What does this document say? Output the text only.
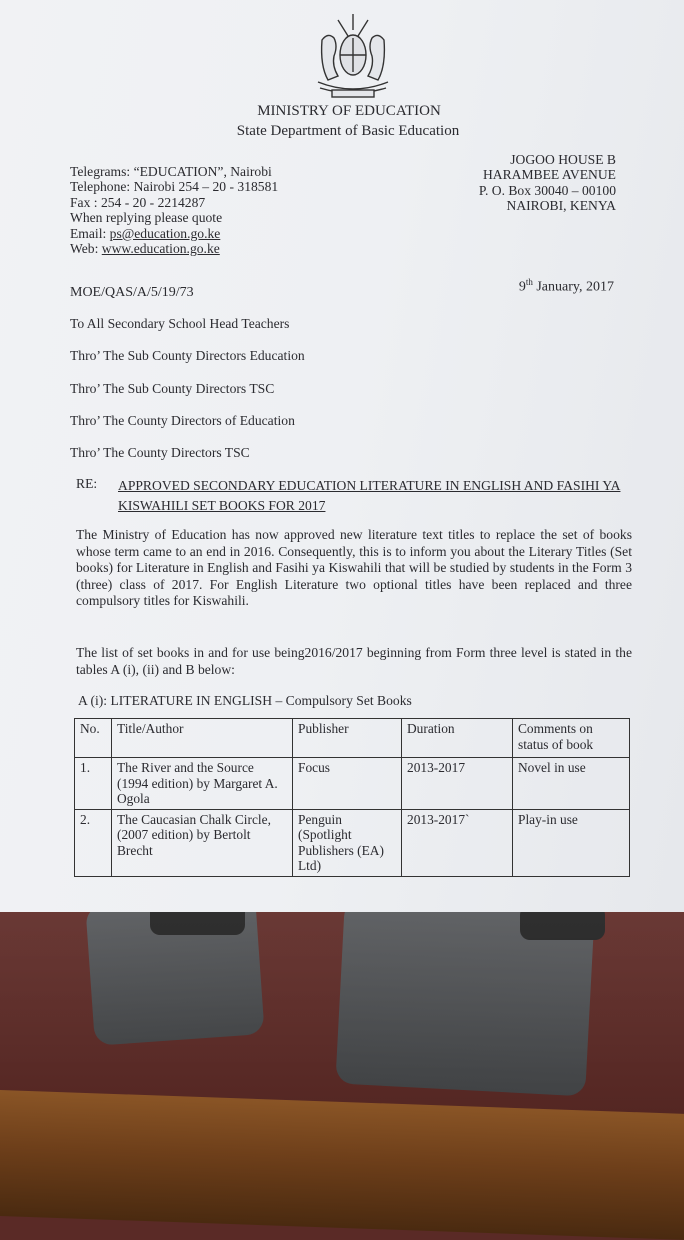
MINISTRY OF EDUCATION
State Department of Basic Education
Telegrams: “EDUCATION”, Nairobi
Telephone: Nairobi 254 – 20 - 318581
Fax : 254 - 20 - 2214287
When replying please quote
Email: ps@education.go.ke
Web: www.education.go.ke
JOGOO HOUSE B
HARAMBEE AVENUE
P. O. Box 30040 – 00100
NAIROBI, KENYA
MOE/QAS/A/5/19/73	9th January, 2017
To All Secondary School Head Teachers
Thro’ The Sub County Directors Education
Thro’ The Sub County Directors TSC
Thro’ The County Directors of Education
Thro’ The County Directors TSC
RE: APPROVED SECONDARY EDUCATION LITERATURE IN ENGLISH AND FASIHI YA KISWAHILI SET BOOKS FOR 2017
The Ministry of Education has now approved new literature text titles to replace the set of books whose term came to an end in 2016. Consequently, this is to inform you about the Literary Titles (Set books) for Literature in English and Fasihi ya Kiswahili that will be studied by students in the Form 3 (three) class of 2017. For English Literature two optional titles have been replaced and three compulsory titles for Kiswahili.
The list of set books in and for use being2016/2017 beginning from Form three level is stated in the tables A (i), (ii) and B below:
A (i): LITERATURE IN ENGLISH – Compulsory Set Books
No.	Title/Author	Publisher	Duration	Comments on status of book
1.	The River and the Source (1994 edition) by Margaret A. Ogola	Focus	2013-2017	Novel in use
2.	The Caucasian Chalk Circle, (2007 edition) by Bertolt Brecht	Penguin (Spotlight Publishers (EA) Ltd)	2013-2017`	Play-in use
